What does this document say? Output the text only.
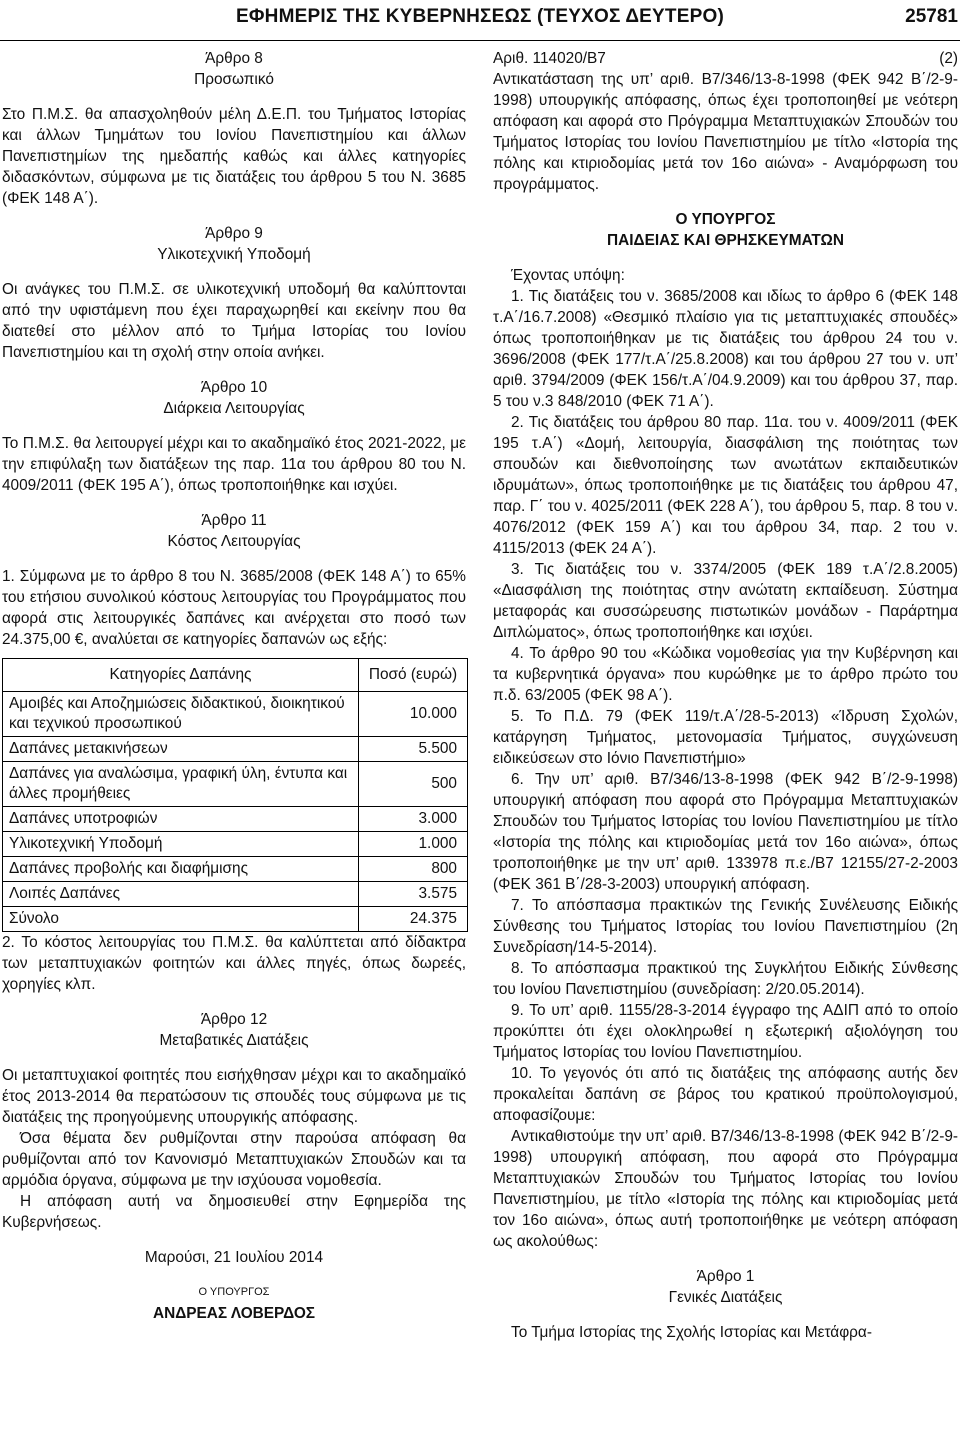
ΕΦΗΜΕΡΙΣ ΤΗΣ ΚΥΒΕΡΝΗΣΕΩΣ (ΤΕΥΧΟΣ ΔΕΥΤΕΡΟ)	25781

Άρθρο 8

Προσωπικό

Στο Π.Μ.Σ. θα απασχοληθούν μέλη Δ.Ε.Π. του Τμήματος Ιστορίας και άλλων Τμημάτων του Ιονίου Πανεπιστημίου και άλλων Πανεπιστημίων της ημεδαπής καθώς και άλλες κατηγορίες διδασκόντων, σύμφωνα με τις διατάξεις του άρθρου 5 του Ν. 3685 (ΦΕΚ 148 Α΄).

Άρθρο 9

Υλικοτεχνική Υποδομή

Οι ανάγκες του Π.Μ.Σ. σε υλικοτεχνική υποδομή θα καλύπτονται από την υφιστάμενη που έχει παραχωρηθεί και εκείνην που θα διατεθεί στο μέλλον από το Τμήμα Ιστορίας του Ιονίου Πανεπιστημίου και τη σχολή στην οποία ανήκει.

Άρθρο 10

Διάρκεια Λειτουργίας

Το Π.Μ.Σ. θα λειτουργεί μέχρι και το ακαδημαϊκό έτος 2021-2022, με την επιφύλαξη των διατάξεων της παρ. 11α του άρθρου 80 του Ν. 4009/2011 (ΦΕΚ 195 Α΄), όπως τροποποιήθηκε και ισχύει.

Άρθρο 11

Κόστος Λειτουργίας

1. Σύμφωνα με το άρθρο 8 του Ν. 3685/2008 (ΦΕΚ 148 Α΄) το 65% του ετήσιου συνολικού κόστους λειτουργίας του Προγράμματος που αφορά στις λειτουργικές δαπάνες και ανέρχεται στο ποσό των 24.375,00 €, αναλύεται σε κατηγορίες δαπανών ως εξής:

Κατηγορίες Δαπάνης	Ποσό (ευρώ)
Αμοιβές και Αποζημιώσεις διδακτικού, διοικητικού και τεχνικού προσωπικού	10.000
Δαπάνες μετακινήσεων	5.500
Δαπάνες για αναλώσιμα, γραφική ύλη, έντυπα και άλλες προμήθειες	500
Δαπάνες υποτροφιών	3.000
Υλικοτεχνική Υποδομή	1.000
Δαπάνες προβολής και διαφήμισης	800
Λοιπές Δαπάνες	3.575
Σύνολο	24.375

2. Το κόστος λειτουργίας του Π.Μ.Σ. θα καλύπτεται από δίδακτρα των μεταπτυχιακών φοιτητών και άλλες πηγές, όπως δωρεές, χορηγίες κλπ.

Άρθρο 12

Μεταβατικές Διατάξεις

Οι μεταπτυχιακοί φοιτητές που εισήχθησαν μέχρι και το ακαδημαϊκό έτος 2013-2014 θα περατώσουν τις σπουδές τους σύμφωνα με τις διατάξεις της προηγούμενης υπουργικής απόφασης.

Όσα θέματα δεν ρυθμίζονται στην παρούσα απόφαση θα ρυθμίζονται από τον Κανονισμό Μεταπτυχιακών Σπουδών και τα αρμόδια όργανα, σύμφωνα με την ισχύουσα νομοθεσία.

Η απόφαση αυτή να δημοσιευθεί στην Εφημερίδα της Κυβερνήσεως.

Μαρούσι, 21 Ιουλίου 2014

Ο ΥΠΟΥΡΓΟΣ

ΑΝΔΡΕΑΣ ΛΟΒΕΡΔΟΣ

Αριθ. 114020/Β7	(2)

Αντικατάσταση της υπ’ αριθ. Β7/346/13-8-1998 (ΦΕΚ 942 Β΄/2-9-1998) υπουργικής απόφασης, όπως έχει τροποποιηθεί με νεότερη απόφαση και αφορά στο Πρόγραμμα Μεταπτυχιακών Σπουδών του Τμήματος Ιστορίας του Ιονίου Πανεπιστημίου με τίτλο «Ιστορία της πόλης και κτιριοδομίας μετά τον 16ο αιώνα» - Αναμόρφωση του προγράμματος.

Ο ΥΠΟΥΡΓΟΣ

ΠΑΙΔΕΙΑΣ ΚΑΙ ΘΡΗΣΚΕΥΜΑΤΩΝ

Έχοντας υπόψη:

1. Τις διατάξεις του ν. 3685/2008 και ιδίως το άρθρο 6 (ΦΕΚ 148 τ.Α΄/16.7.2008) «Θεσμικό πλαίσιο για τις μεταπτυχιακές σπουδές» όπως τροποποιήθηκαν με τις διατάξεις του άρθρου 24 του ν. 3696/2008 (ΦΕΚ 177/τ.Α΄/25.8.2008) και του άρθρου 27 του ν. υπ’ αριθ. 3794/2009 (ΦΕΚ 156/τ.Α΄/04.9.2009) και του άρθρου 37, παρ. 5 του ν.3 848/2010 (ΦΕΚ 71 Α΄).

2. Τις διατάξεις του άρθρου 80 παρ. 11α. του ν. 4009/2011 (ΦΕΚ 195 τ.Α΄) «Δομή, λειτουργία, διασφάλιση της ποιότητας των σπουδών και διεθνοποίησης των ανωτάτων εκπαιδευτικών ιδρυμάτων», όπως τροποποιήθηκε με τις διατάξεις του άρθρου 47, παρ. Γ΄ του ν. 4025/2011 (ΦΕΚ 228 Α΄), του άρθρου 5, παρ. 8 του ν. 4076/2012 (ΦΕΚ 159 Α΄) και του άρθρου 34, παρ. 2 του ν. 4115/2013 (ΦΕΚ 24 Α΄).

3. Τις διατάξεις του ν. 3374/2005 (ΦΕΚ 189 τ.Α΄/2.8.2005) «Διασφάλιση της ποιότητας στην ανώτατη εκπαίδευση. Σύστημα μεταφοράς και συσσώρευσης πιστωτικών μονάδων - Παράρτημα Διπλώματος», όπως τροποποιήθηκε και ισχύει.

4. Το άρθρο 90 του «Κώδικα νομοθεσίας για την Κυβέρνηση και τα κυβερνητικά όργανα» που κυρώθηκε με το άρθρο πρώτο του π.δ. 63/2005 (ΦΕΚ 98 Α΄).

5. Το Π.Δ. 79 (ΦΕΚ 119/τ.Α΄/28-5-2013) «Ίδρυση Σχολών, κατάργηση Τμήματος, μετονομασία Τμήματος, συγχώνευση ειδικεύσεων στο Ιόνιο Πανεπιστήμιο»

6. Την υπ’ αριθ. Β7/346/13-8-1998 (ΦΕΚ 942 Β΄/2-9-1998) υπουργική απόφαση που αφορά στο Πρόγραμμα Μεταπτυχιακών Σπουδών του Τμήματος Ιστορίας του Ιονίου Πανεπιστημίου με τίτλο «Ιστορία της πόλης και κτιριοδομίας μετά τον 16ο αιώνα», όπως τροποποιήθηκε με την υπ’ αριθ. 133978 π.ε./Β7 12155/27-2-2003 (ΦΕΚ 361 Β΄/28-3-2003) υπουργική απόφαση.

7. Το απόσπασμα πρακτικών της Γενικής Συνέλευσης Ειδικής Σύνθεσης του Τμήματος Ιστορίας του Ιονίου Πανεπιστημίου (2η Συνεδρίαση/14-5-2014).

8. Το απόσπασμα πρακτικού της Συγκλήτου Ειδικής Σύνθεσης του Ιονίου Πανεπιστημίου (συνεδρίαση: 2/20.05.2014).

9. Το υπ’ αριθ. 1155/28-3-2014 έγγραφο της ΑΔΙΠ από το οποίο προκύπτει ότι έχει ολοκληρωθεί η εξωτερική αξιολόγηση του Τμήματος Ιστορίας του Ιονίου Πανεπιστημίου.

10. Το γεγονός ότι από τις διατάξεις της απόφασης αυτής δεν προκαλείται δαπάνη σε βάρος του κρατικού προϋπολογισμού, αποφασίζουμε:

Αντικαθιστούμε την υπ’ αριθ. Β7/346/13-8-1998 (ΦΕΚ 942 Β΄/2-9-1998) υπουργική απόφαση, που αφορά στο Πρόγραμμα Μεταπτυχιακών Σπουδών του Τμήματος Ιστορίας του Ιονίου Πανεπιστημίου, με τίτλο «Ιστορία της πόλης και κτιριοδομίας μετά τον 16ο αιώνα», όπως αυτή τροποποιήθηκε με νεότερη απόφαση ως ακολούθως:

Άρθρο 1

Γενικές Διατάξεις

Το Τμήμα Ιστορίας της Σχολής Ιστορίας και Μετάφρα-
